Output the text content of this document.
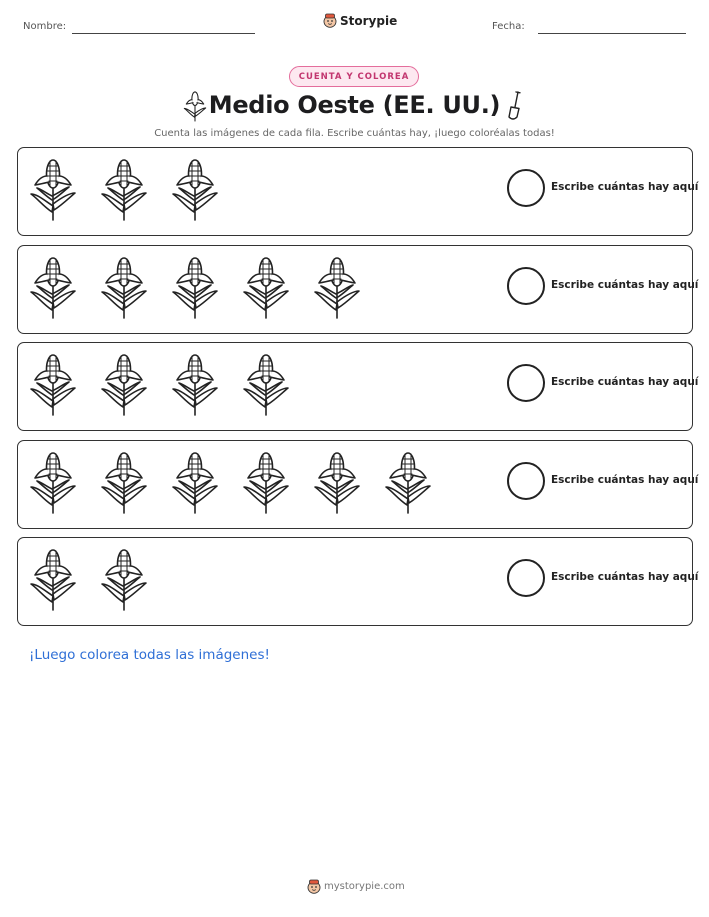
Nombre:	Storypie	Fecha:
CUENTA Y COLOREA
Medio Oeste (EE. UU.)
Cuenta las imágenes de cada fila. Escribe cuántas hay, ¡luego coloréalas todas!
Escribe cuántas hay aquí
Escribe cuántas hay aquí
Escribe cuántas hay aquí
Escribe cuántas hay aquí
Escribe cuántas hay aquí
¡Luego colorea todas las imágenes!
mystorypie.com
